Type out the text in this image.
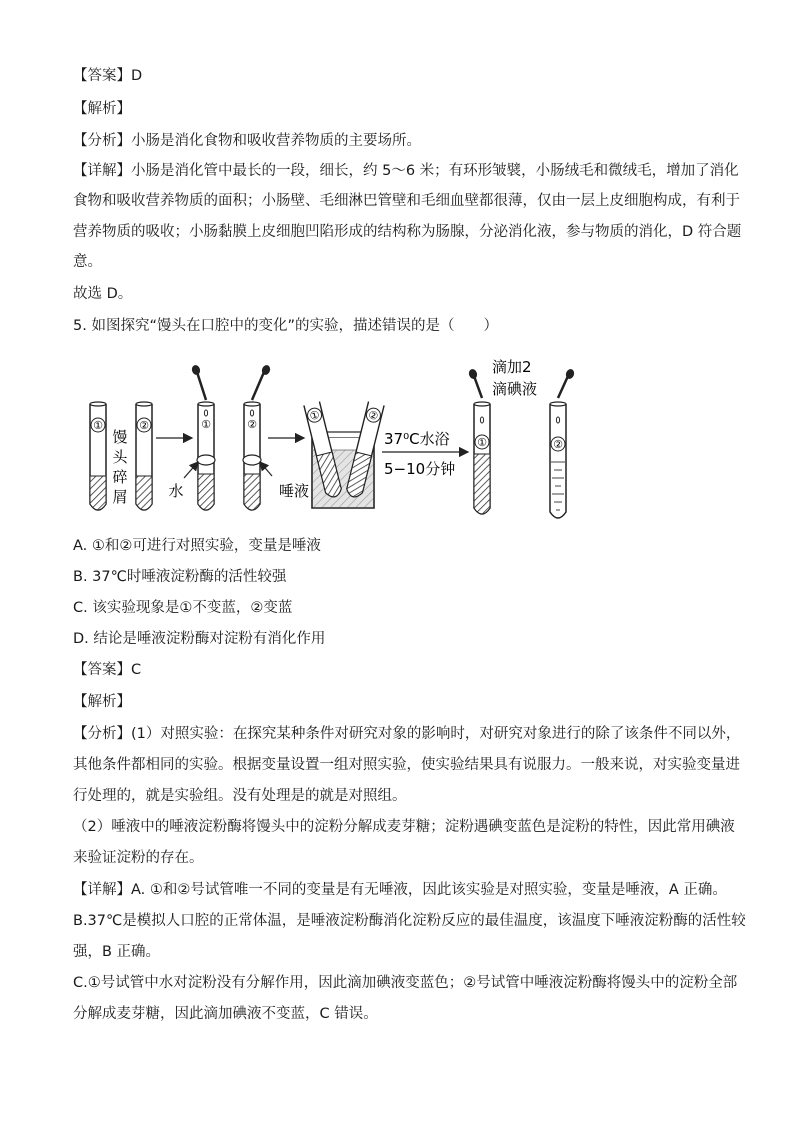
【答案】D
【解析】
【分析】小肠是消化食物和吸收营养物质的主要场所。
【详解】小肠是消化管中最长的一段，细长，约 5～6 米；有环形皱襞，小肠绒毛和微绒毛，增加了消化
食物和吸收营养物质的面积；小肠壁、毛细淋巴管壁和毛细血壁都很薄，仅由一层上皮细胞构成，有利于
营养物质的吸收；小肠黏膜上皮细胞凹陷形成的结构称为肠腺，分泌消化液，参与物质的消化，D 符合题
意。
故选 D。
5. 如图探究“馒头在口腔中的变化”的实验，描述错误的是（　　）
①	②
馒
头
碎
屑
①
水
②
唾液
①	②
37⁰C水浴
5−10分钟
滴加2
滴碘液
①	②
A. ①和②可进行对照实验，变量是唾液
B. 37℃时唾液淀粉酶的活性较强
C. 该实验现象是①不变蓝，②变蓝
D. 结论是唾液淀粉酶对淀粉有消化作用
【答案】C
【解析】
【分析】(1）对照实验：在探究某种条件对研究对象的影响时，对研究对象进行的除了该条件不同以外，
其他条件都相同的实验。根据变量设置一组对照实验，使实验结果具有说服力。一般来说，对实验变量进
行处理的，就是实验组。没有处理是的就是对照组。
（2）唾液中的唾液淀粉酶将馒头中的淀粉分解成麦芽糖；淀粉遇碘变蓝色是淀粉的特性，因此常用碘液
来验证淀粉的存在。
【详解】A. ①和②号试管唯一不同的变量是有无唾液，因此该实验是对照实验，变量是唾液，A 正确。
B.37℃是模拟人口腔的正常体温，是唾液淀粉酶消化淀粉反应的最佳温度，该温度下唾液淀粉酶的活性较
强，B 正确。
C.①号试管中水对淀粉没有分解作用，因此滴加碘液变蓝色；②号试管中唾液淀粉酶将馒头中的淀粉全部
分解成麦芽糖，因此滴加碘液不变蓝，C 错误。
